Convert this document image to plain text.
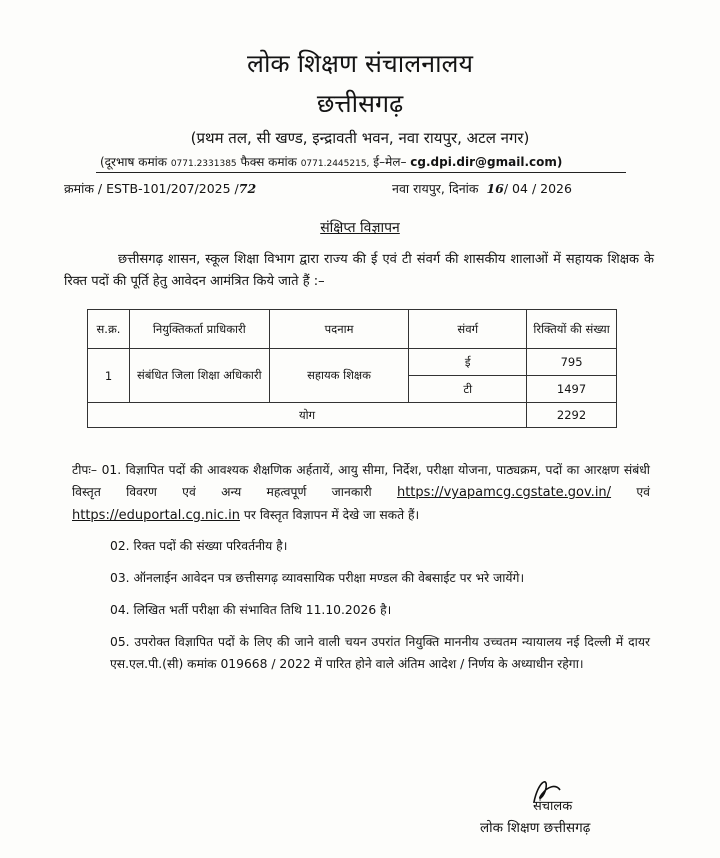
लोक शिक्षण संचालनालय
छत्तीसगढ़
(प्रथम तल, सी खण्ड, इन्द्रावती भवन, नवा रायपुर, अटल नगर)
(दूरभाष कमांक 0771.2331385 फैक्स कमांक 0771.2445215, ई–मेल– cg.dpi.dir@gmail.com)
क्रमांक / ESTB-101/207/2025 /72	नवा रायपुर, दिनांक 16/ 04 / 2026
संक्षिप्त विज्ञापन
छत्तीसगढ़ शासन, स्कूल शिक्षा विभाग द्वारा राज्य की ई एवं टी संवर्ग की शासकीय शालाओं में सहायक शिक्षक के रिक्त पदों की पूर्ति हेतु आवेदन आमंत्रित किये जाते हैं :–
स.क्र.	नियुक्तिकर्ता प्राधिकारी	पदनाम	संवर्ग	रिक्तियों की संख्या
1	संबंधित जिला शिक्षा अधिकारी	सहायक शिक्षक	ई	795
			टी	1497
योग				2292
टीपः– 01. विज्ञापित पदों की आवश्यक शैक्षणिक अर्हतायें, आयु सीमा, निर्देश, परीक्षा योजना, पाठ्यक्रम, पदों का आरक्षण संबंधी विस्तृत विवरण एवं अन्य महत्वपूर्ण जानकारी https://vyapamcg.cgstate.gov.in/ एवं https://eduportal.cg.nic.in पर विस्तृत विज्ञापन में देखे जा सकते हैं।
02. रिक्त पदों की संख्या परिवर्तनीय है।
03. ऑनलाईन आवेदन पत्र छत्तीसगढ़ व्यावसायिक परीक्षा मण्डल की वेबसाईट पर भरे जायेंगे।
04. लिखित भर्ती परीक्षा की संभावित तिथि 11.10.2026 है।
05. उपरोक्त विज्ञापित पदों के लिए की जाने वाली चयन उपरांत नियुक्ति माननीय उच्चतम न्यायालय नई दिल्ली में दायर एस.एल.पी.(सी) कमांक 019668 / 2022 में पारित होने वाले अंतिम आदेश / निर्णय के अध्याधीन रहेगा।
संचालक
लोक शिक्षण छत्तीसगढ़
